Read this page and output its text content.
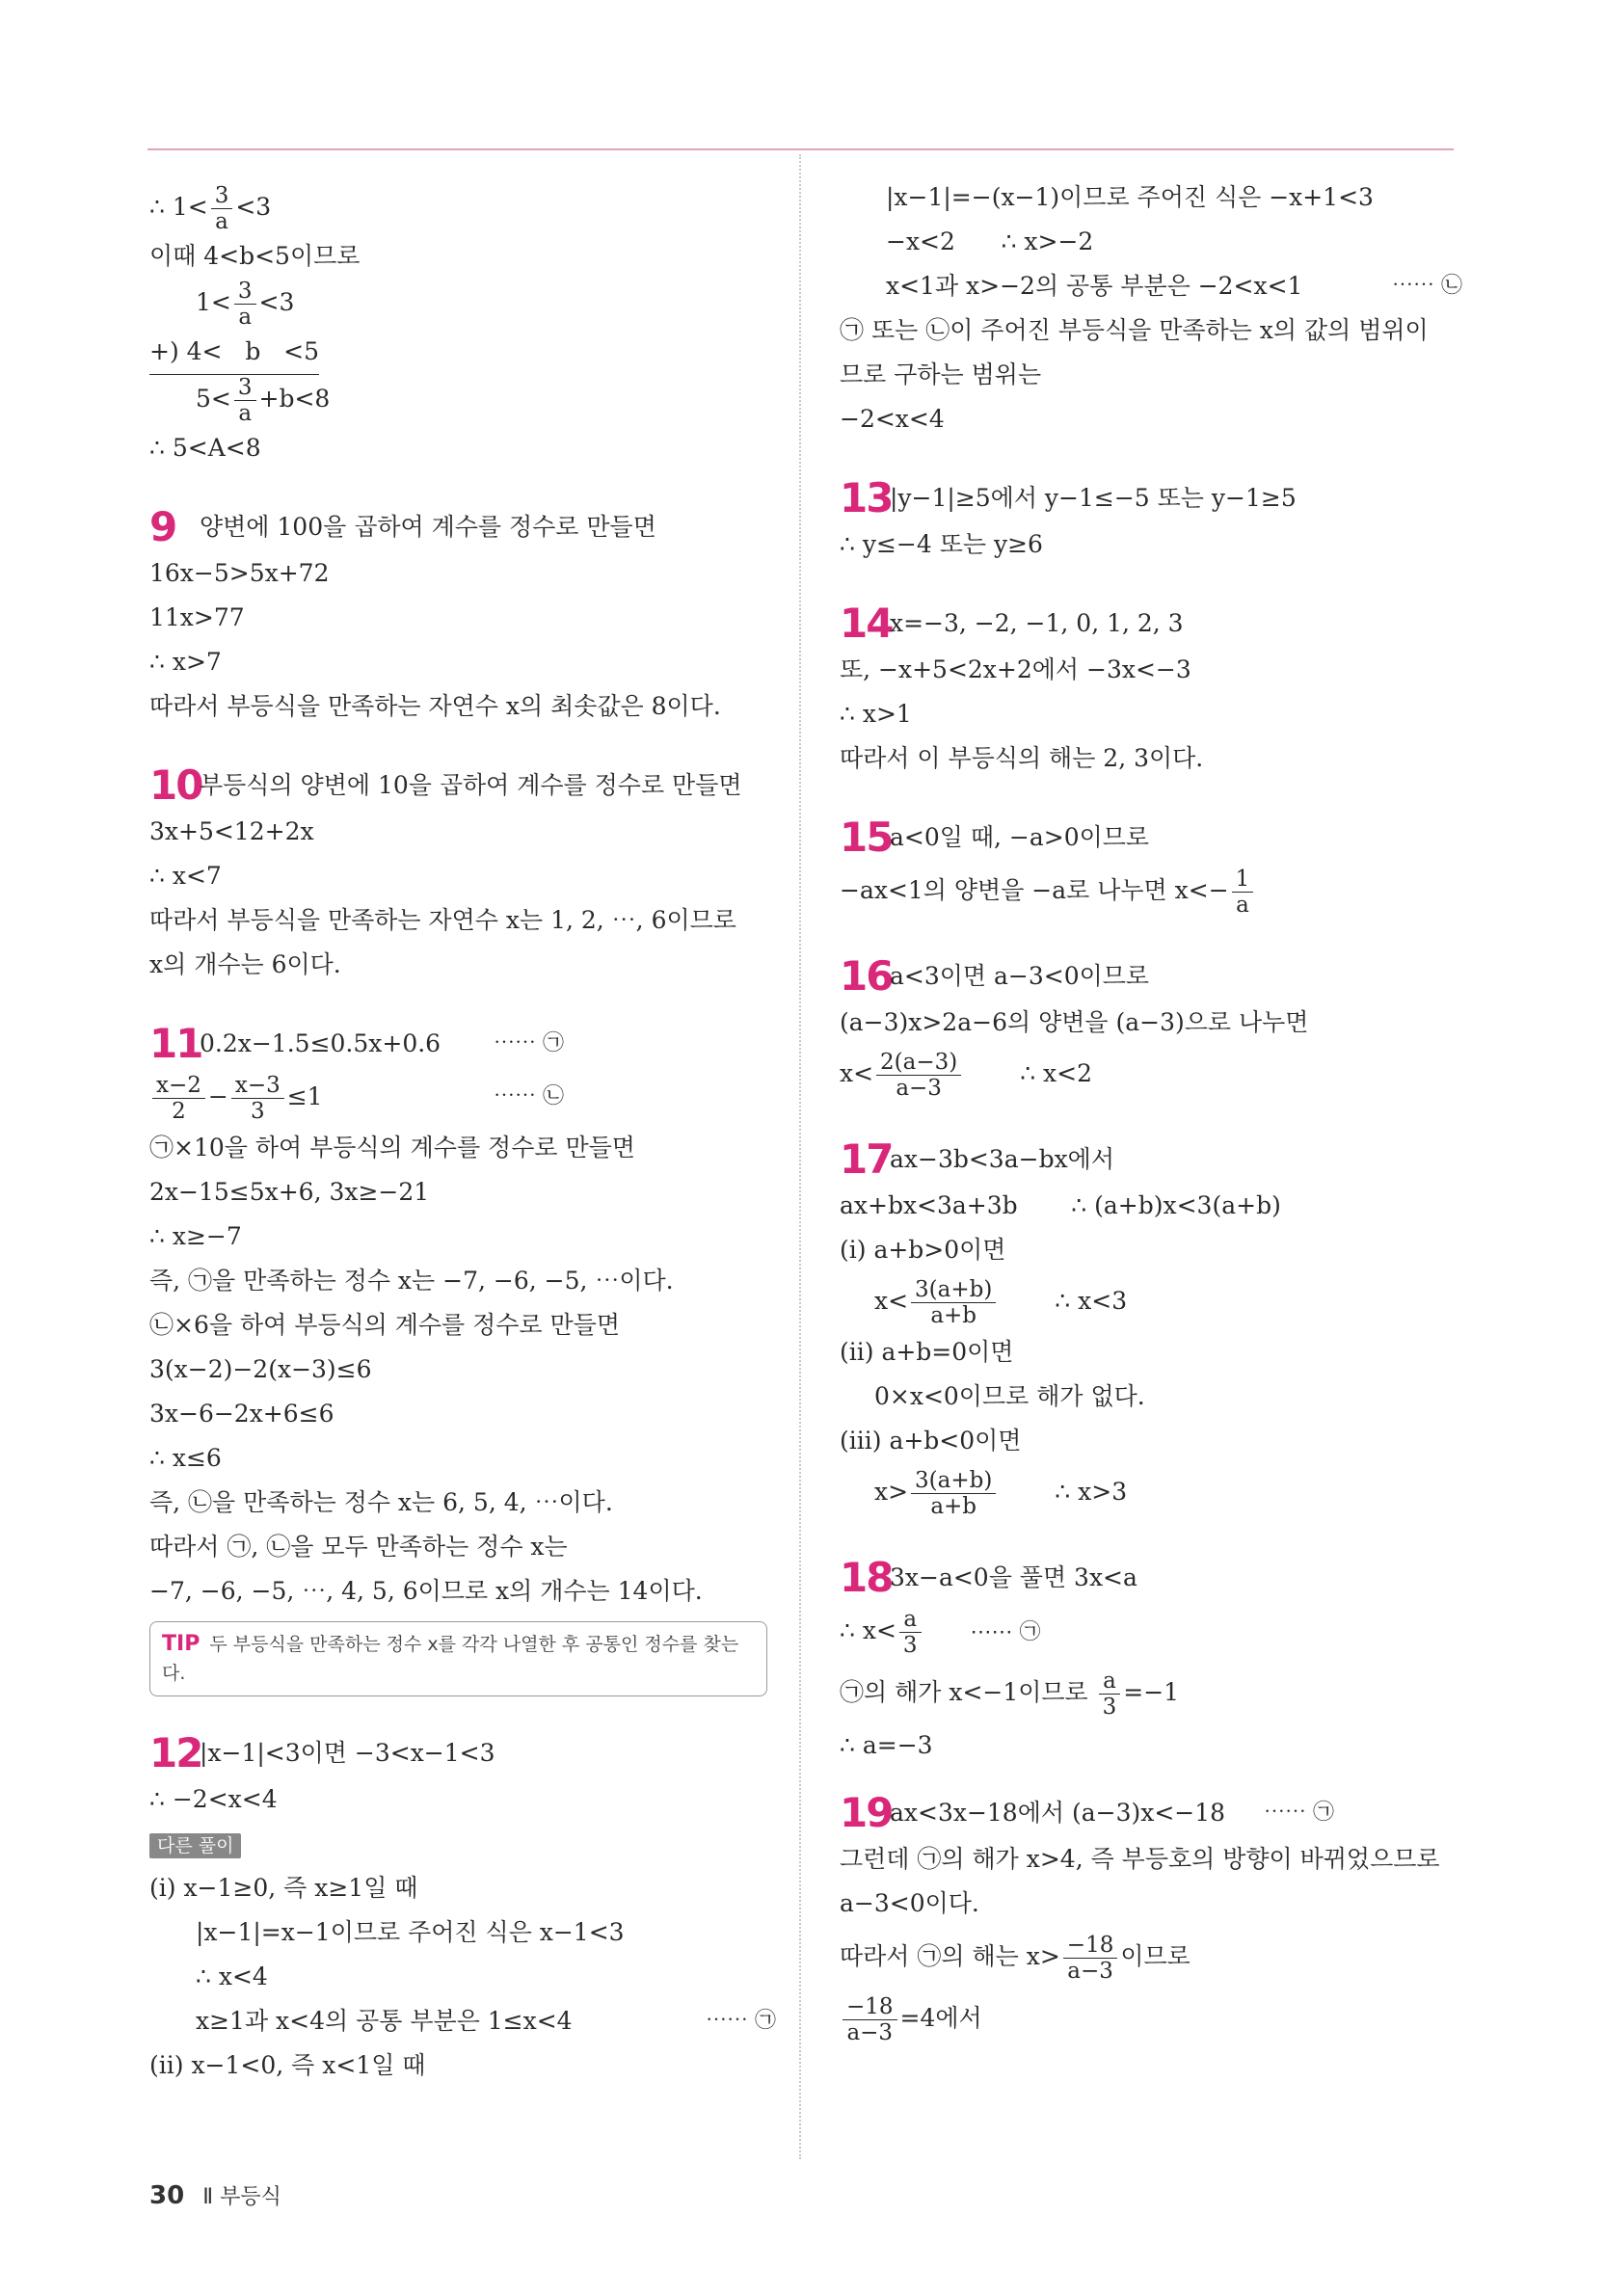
∴ $1< \frac{3}{a} <3$
이때 4<b<5이므로
$1< \frac{3}{a} <3$
+) 4<   b   <5
$5< \frac{3}{a} +b<8$
∴ 5<A<8
9 양변에 100을 곱하여 계수를 정수로 만들면
16x−5>5x+72
11x>77
∴ x>7
따라서 부등식을 만족하는 자연수 x의 최솟값은 8이다.
10
부등식의 양변에 10을 곱하여 계수를 정수로 만들면
3x+5<12+2x
∴ x<7
따라서 부등식을 만족하는 자연수 x는 1, 2, ⋯, 6이므로
x의 개수는 6이다.
11
0.2x−1.5≤0.5x+0.6 ⋯⋯ ㉠
$\frac{x-2}{2} - \frac{x-3}{3} \le 1$	⋯⋯ ㉡
㉠×10을 하여 부등식의 계수를 정수로 만들면
2x−15≤5x+6, 3x≥−21
∴ x≥−7
즉, ㉠을 만족하는 정수 x는 −7, −6, −5, ⋯이다.
㉡×6을 하여 부등식의 계수를 정수로 만들면
3(x−2)−2(x−3)≤6
3x−6−2x+6≤6
∴ x≤6
즉, ㉡을 만족하는 정수 x는 6, 5, 4, ⋯이다.
따라서 ㉠, ㉡을 모두 만족하는 정수 x는
−7, −6, −5, ⋯, 4, 5, 6이므로 x의 개수는 14이다.
TIP 두 부등식을 만족하는 정수 x를 각각 나열한 후 공통인 정수를 찾는다.
12
|x−1|<3이면 −3<x−1<3
∴ −2<x<4
다른 풀이
(ⅰ) x−1≥0, 즉 x≥1일 때
|x−1|=x−1이므로 주어진 식은 x−1<3
∴ x<4
x≥1과 x<4의 공통 부분은 1≤x<4	⋯⋯ ㉠
(ⅱ) x−1<0, 즉 x<1일 때
|x−1|=−(x−1)이므로 주어진 식은 −x+1<3
−x<2      ∴ x>−2
x<1과 x>−2의 공통 부분은 −2<x<1	⋯⋯ ㉡
㉠ 또는 ㉡이 주어진 부등식을 만족하는 x의 값의 범위이
므로 구하는 범위는
−2<x<4
13
|y−1|≥5에서 y−1≤−5 또는 y−1≥5
∴ y≤−4 또는 y≥6
14
x=−3, −2, −1, 0, 1, 2, 3
또, −x+5<2x+2에서 −3x<−3
∴ x>1
따라서 이 부등식의 해는 2, 3이다.
15
a<0일 때, −a>0이므로
−ax<1의 양변을 −a로 나누면 $x<- \frac{1}{a}$
16
a<3이면 a−3<0이므로
(a−3)x>2a−6의 양변을 (a−3)으로 나누면
$x< \frac{2(a-3)}{a-3}$ ∴ x<2
17
ax−3b<3a−bx에서
ax+bx<3a+3b       ∴ (a+b)x<3(a+b)
(ⅰ) a+b>0이면
$x< \frac{3(a+b)}{a+b}$ ∴ x<3
(ⅱ) a+b=0이면
0×x<0이므로 해가 없다.
(ⅲ) a+b<0이면
$x> \frac{3(a+b)}{a+b}$ ∴ x>3
18
3x−a<0을 풀면 3x<a
∴ $x< \frac{a}{3}$ ⋯⋯ ㉠
㉠의 해가 x<−1이므로 $\frac{a}{3} =-1$
∴ a=−3
19
ax<3x−18에서 (a−3)x<−18 ⋯⋯ ㉠
그런데 ㉠의 해가 x>4, 즉 부등호의 방향이 바뀌었으므로
a−3<0이다.
따라서 ㉠의 해는 $x> \frac{-18}{a-3}$ 이므로
$\frac{-18}{a-3} =4$에서
30 Ⅱ 부등식
